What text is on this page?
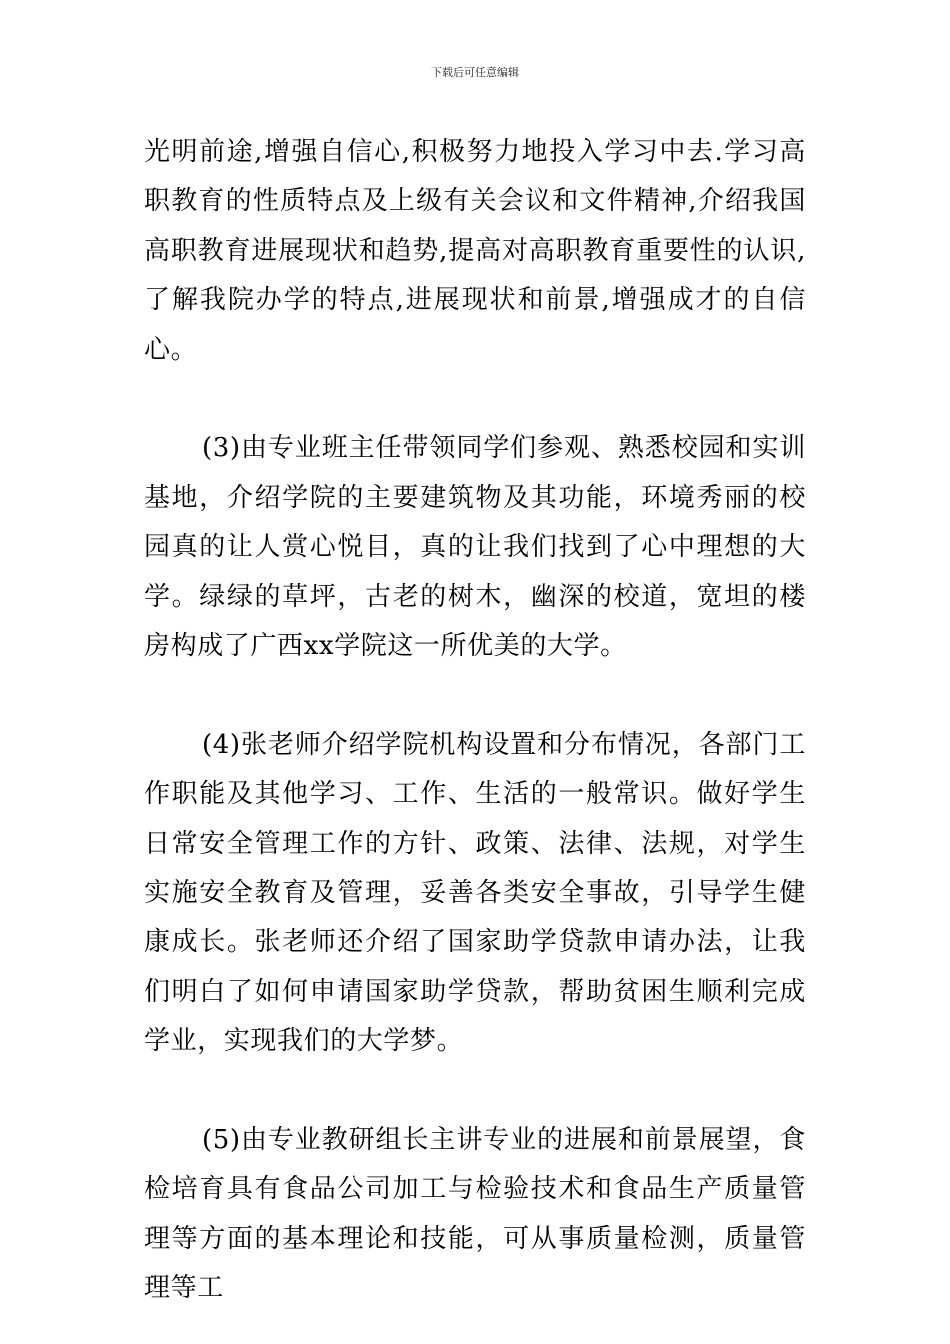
下载后可任意编辑

光明前途,增强自信心,积极努力地投入学习中去.学习高职教育的性质特点及上级有关会议和文件精神,介绍我国高职教育进展现状和趋势,提高对高职教育重要性的认识,了解我院办学的特点,进展现状和前景,增强成才的自信心。

(3)由专业班主任带领同学们参观、熟悉校园和实训基地，介绍学院的主要建筑物及其功能，环境秀丽的校园真的让人赏心悦目，真的让我们找到了心中理想的大学。绿绿的草坪，古老的树木，幽深的校道，宽坦的楼房构成了广西xx学院这一所优美的大学。

(4)张老师介绍学院机构设置和分布情况，各部门工作职能及其他学习、工作、生活的一般常识。做好学生日常安全管理工作的方针、政策、法律、法规，对学生实施安全教育及管理，妥善各类安全事故，引导学生健康成长。张老师还介绍了国家助学贷款申请办法，让我们明白了如何申请国家助学贷款，帮助贫困生顺利完成学业，实现我们的大学梦。

(5)由专业教研组长主讲专业的进展和前景展望，食检培育具有食品公司加工与检验技术和食品生产质量管理等方面的基本理论和技能，可从事质量检测，质量管理等工
